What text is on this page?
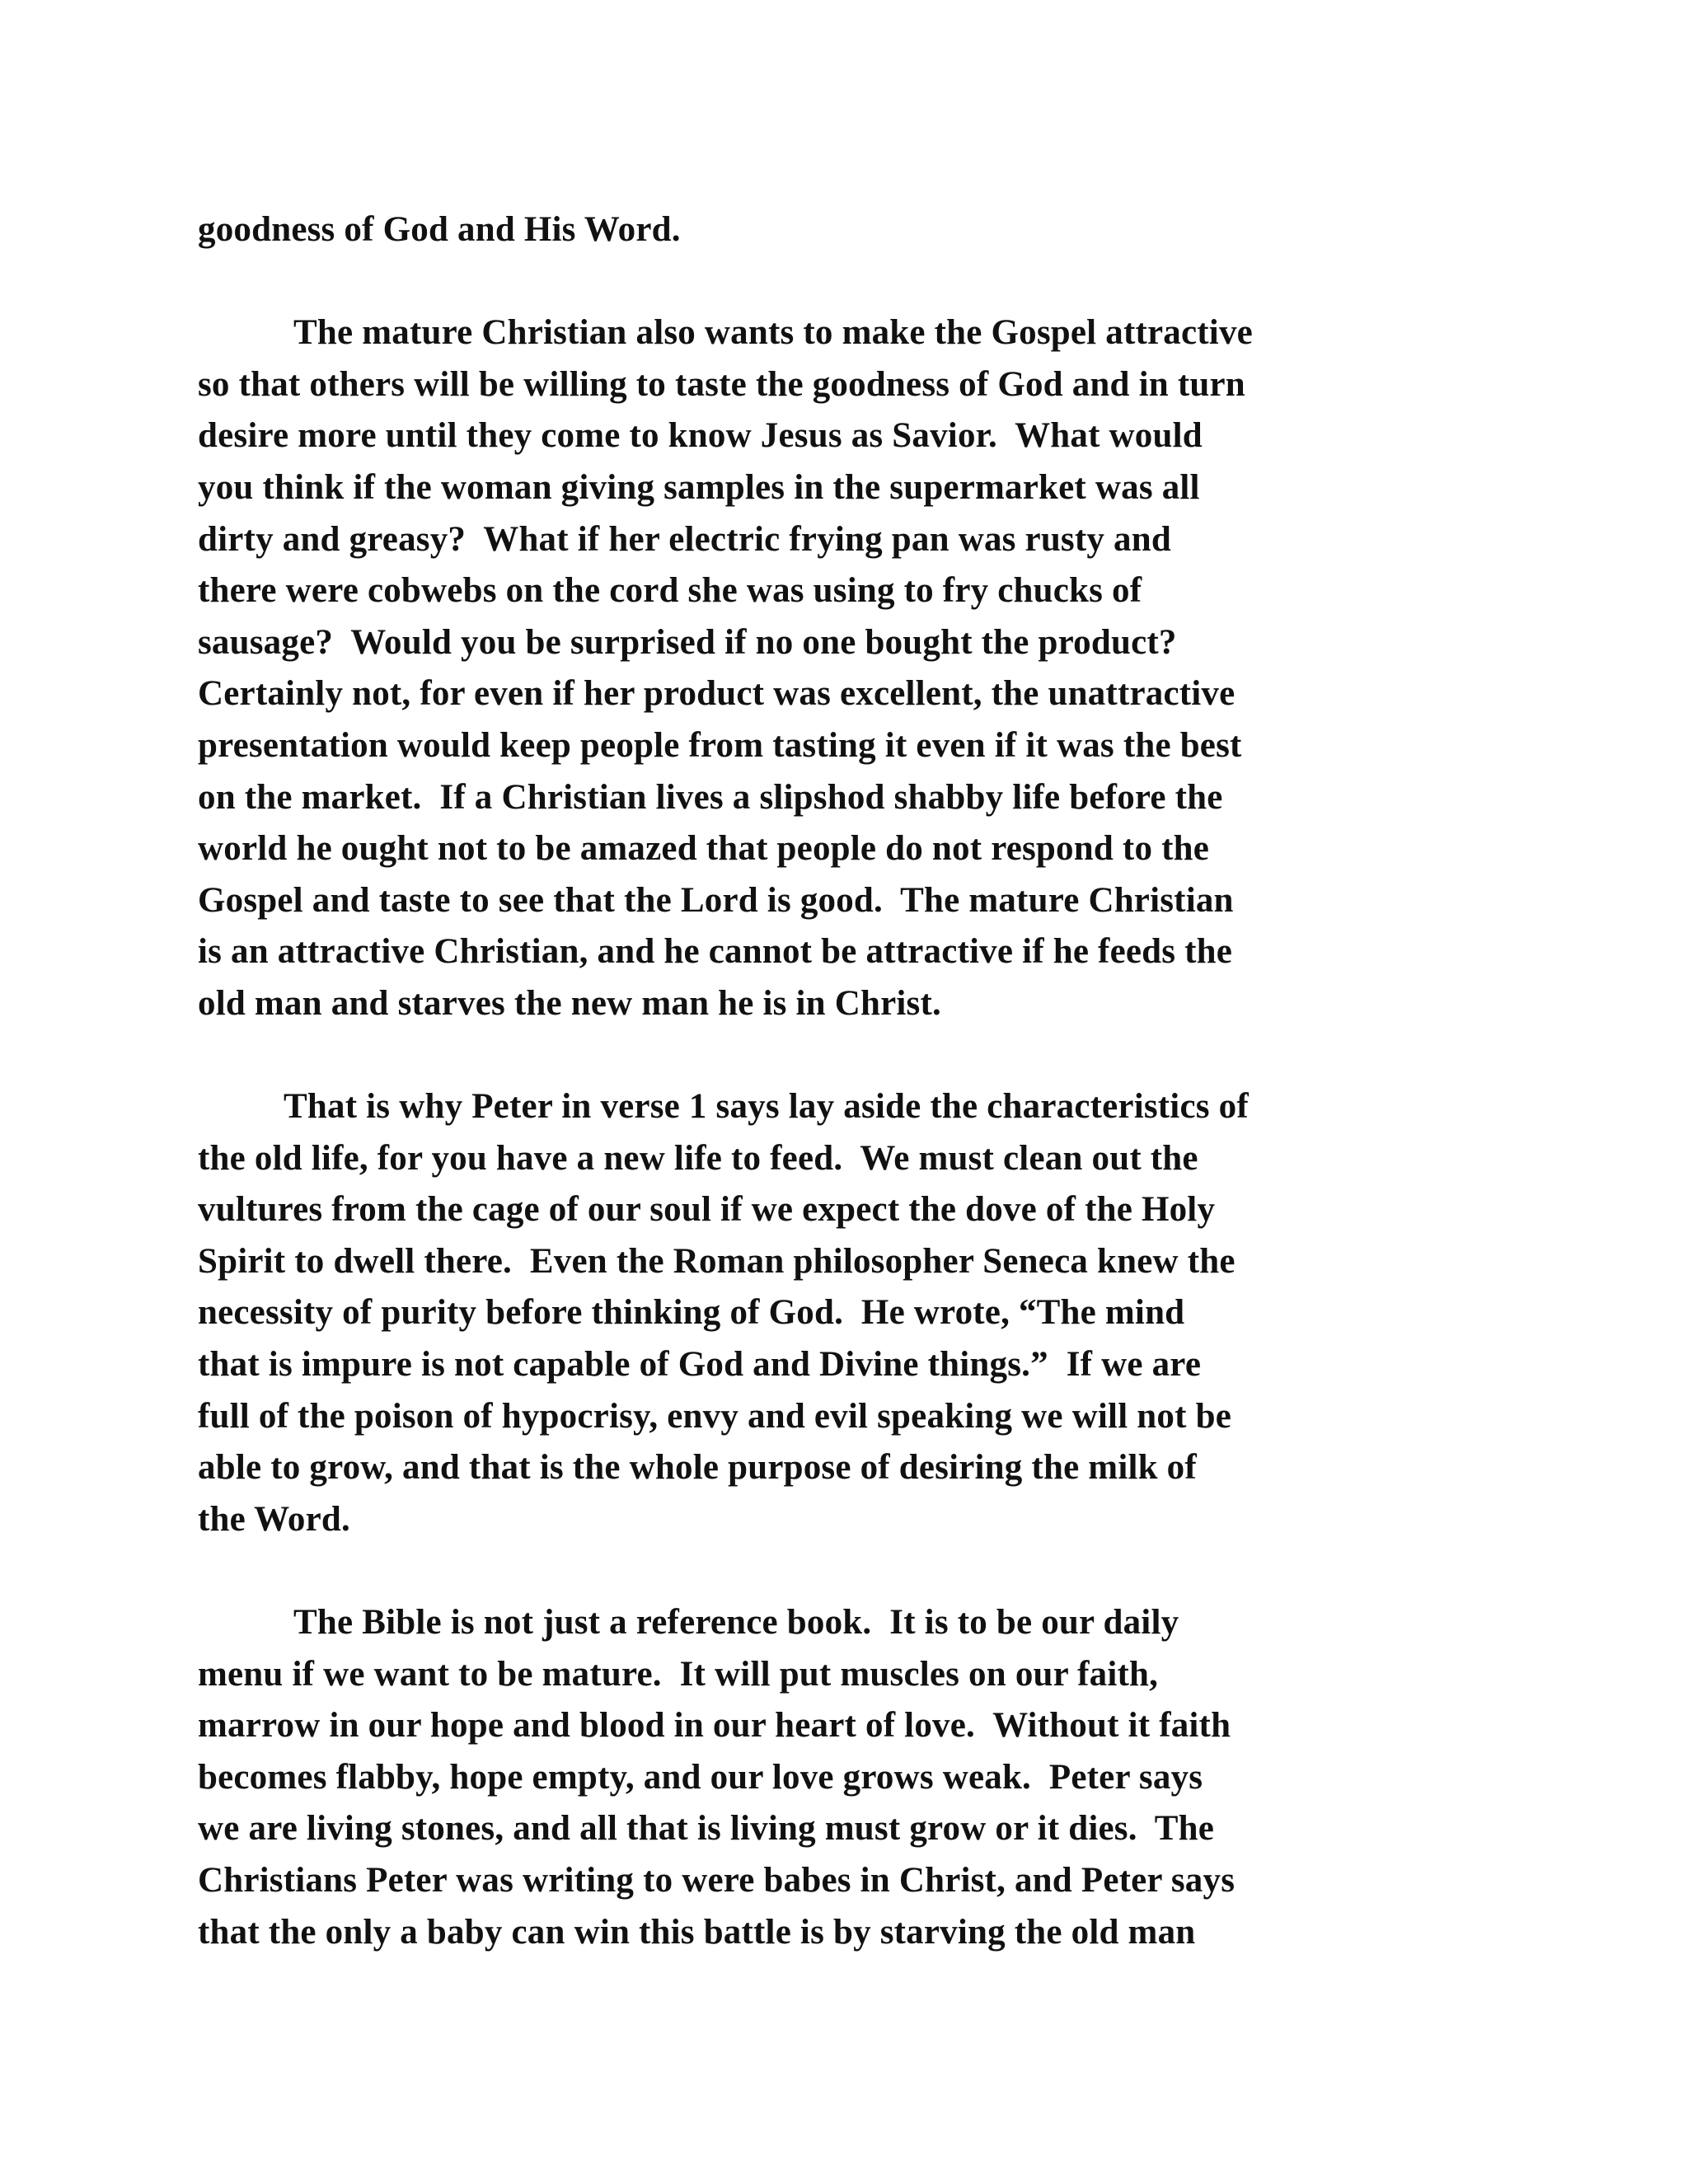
goodness of God and His Word.
The mature Christian also wants to make the Gospel attractive
so that others will be willing to taste the goodness of God and in turn
desire more until they come to know Jesus as Savior.  What would
you think if the woman giving samples in the supermarket was all
dirty and greasy?  What if her electric frying pan was rusty and
there were cobwebs on the cord she was using to fry chucks of
sausage?  Would you be surprised if no one bought the product?
Certainly not, for even if her product was excellent, the unattractive
presentation would keep people from tasting it even if it was the best
on the market.  If a Christian lives a slipshod shabby life before the
world he ought not to be amazed that people do not respond to the
Gospel and taste to see that the Lord is good.  The mature Christian
is an attractive Christian, and he cannot be attractive if he feeds the
old man and starves the new man he is in Christ.
That is why Peter in verse 1 says lay aside the characteristics of
the old life, for you have a new life to feed.  We must clean out the
vultures from the cage of our soul if we expect the dove of the Holy
Spirit to dwell there.  Even the Roman philosopher Seneca knew the
necessity of purity before thinking of God.  He wrote, “The mind
that is impure is not capable of God and Divine things.”  If we are
full of the poison of hypocrisy, envy and evil speaking we will not be
able to grow, and that is the whole purpose of desiring the milk of
the Word.
The Bible is not just a reference book.  It is to be our daily
menu if we want to be mature.  It will put muscles on our faith,
marrow in our hope and blood in our heart of love.  Without it faith
becomes flabby, hope empty, and our love grows weak.  Peter says
we are living stones, and all that is living must grow or it dies.  The
Christians Peter was writing to were babes in Christ, and Peter says
that the only a baby can win this battle is by starving the old man
